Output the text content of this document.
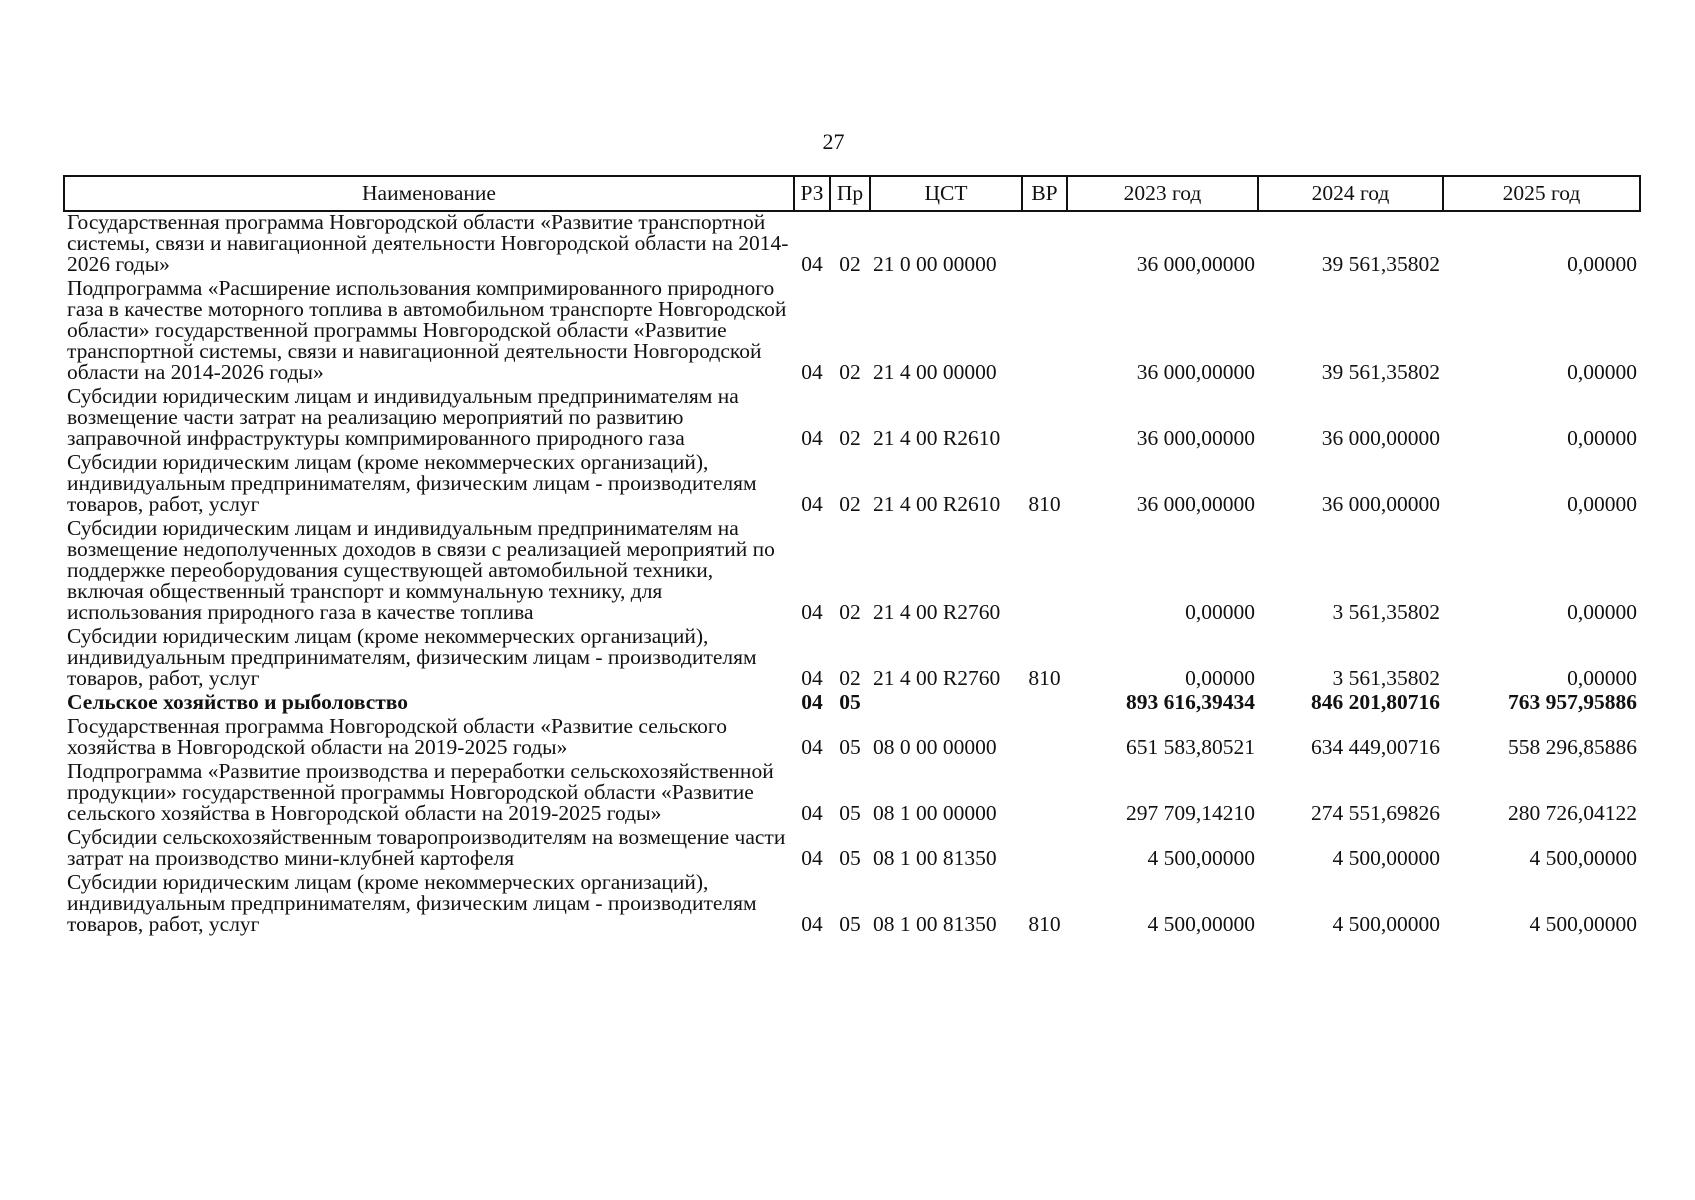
27
Наименование	РЗ	Пр	ЦСТ	ВР	2023 год	2024 год	2025 год
Государственная программа Новгородской области «Развитие транспортной системы, связи и навигационной деятельности Новгородской области на 2014-2026 годы»	04	02	21 0 00 00000		36 000,00000	39 561,35802	0,00000
Подпрограмма «Расширение использования компримированного природного газа в качестве моторного топлива в автомобильном транспорте Новгородской области» государственной программы Новгородской области «Развитие транспортной системы, связи и навигационной деятельности Новгородской области на 2014-2026 годы»	04	02	21 4 00 00000		36 000,00000	39 561,35802	0,00000
Субсидии юридическим лицам и индивидуальным предпринимателям на возмещение части затрат на реализацию мероприятий по развитию заправочной инфраструктуры компримированного природного газа	04	02	21 4 00 R2610		36 000,00000	36 000,00000	0,00000
Субсидии юридическим лицам (кроме некоммерческих организаций), индивидуальным предпринимателям, физическим лицам - производителям товаров, работ, услуг	04	02	21 4 00 R2610	810	36 000,00000	36 000,00000	0,00000
Субсидии юридическим лицам и индивидуальным предпринимателям на возмещение недополученных доходов в связи с реализацией мероприятий по поддержке переоборудования существующей автомобильной техники, включая общественный транспорт и коммунальную технику, для использования природного газа в качестве топлива	04	02	21 4 00 R2760		0,00000	3 561,35802	0,00000
Субсидии юридическим лицам (кроме некоммерческих организаций), индивидуальным предпринимателям, физическим лицам - производителям товаров, работ, услуг	04	02	21 4 00 R2760	810	0,00000	3 561,35802	0,00000
Сельское хозяйство и рыболовство	04	05			893 616,39434	846 201,80716	763 957,95886
Государственная программа Новгородской области «Развитие сельского хозяйства в Новгородской области на 2019-2025 годы»	04	05	08 0 00 00000		651 583,80521	634 449,00716	558 296,85886
Подпрограмма «Развитие производства и переработки сельскохозяйственной продукции» государственной программы Новгородской области «Развитие сельского хозяйства в Новгородской области на 2019-2025 годы»	04	05	08 1 00 00000		297 709,14210	274 551,69826	280 726,04122
Субсидии сельскохозяйственным товаропроизводителям на возмещение части затрат на производство мини-клубней картофеля	04	05	08 1 00 81350		4 500,00000	4 500,00000	4 500,00000
Субсидии юридическим лицам (кроме некоммерческих организаций), индивидуальным предпринимателям, физическим лицам - производителям товаров, работ, услуг	04	05	08 1 00 81350	810	4 500,00000	4 500,00000	4 500,00000
